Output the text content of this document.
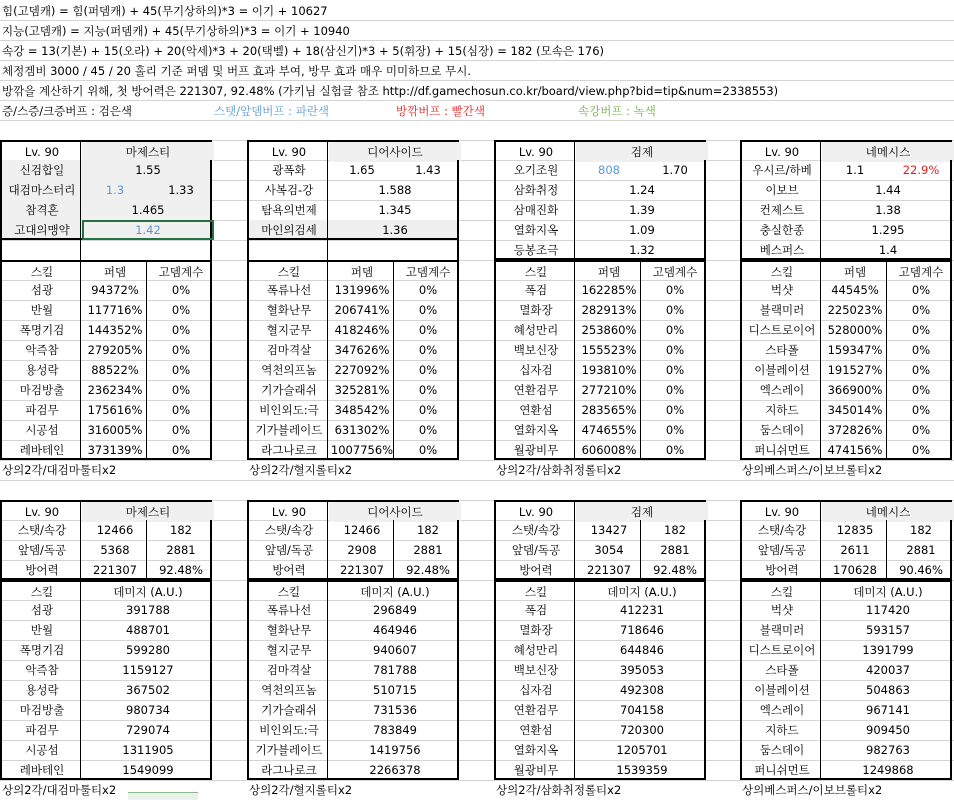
힘(고뎀캐) = 힘(퍼뎀캐) + 45(무기상하의)*3 = 이기 + 10627
지능(고뎀캐) = 지능(퍼뎀캐) + 45(무기상하의)*3 = 이기 + 10940
속강 = 13(기본) + 15(오라) + 20(악세)*3 + 20(택벨) + 18(삼신기)*3 + 5(휘장) + 15(심장) = 182 (모속은 176)
체정겜비 3000 / 45 / 20 홀리 기준 퍼뎀 및 버프 효과 부여, 방무 효과 매우 미미하므로 무시.
방깎을 계산하기 위해, 첫 방어력은 221307, 92.48% (가키님 실험글 참조 http://df.gamechosun.co.kr/board/view.php?bid=tip&num=2338553)
증/스증/크증버프 : 검은색	스탯/앞뎀버프 : 파란색	방깎버프 : 빨간색	속강버프 : 녹색
Lv. 90	마제스티
신검합일	1.55
대검마스터리	1.3	1.33
참격혼	1.465
고대의맹약	1.42
스킬	퍼뎀	고뎀계수
섬광	94372%	0%
반월	117716%	0%
폭명기검	144352%	0%
악즉참	279205%	0%
용성락	88522%	0%
마검방출	236234%	0%
파검무	175616%	0%
시공섬	316005%	0%
레바테인	373139%	0%
상의2각/대검마툴티x2
Lv. 90	마제스티
스탯/속강	12466	182
앞뎀/독공	5368	2881
방어력	221307	92.48%
스킬	데미지 (A.U.)
섬광	391788
반월	488701
폭명기검	599280
악즉참	1159127
용성락	367502
마검방출	980734
파검무	729074
시공섬	1311905
레바테인	1549099
상의2각/대검마툴티x2
Lv. 90	디어사이드
광폭화	1.65	1.43
사복검-강	1.588
탐욕의번제	1.345
마인의검세	1.36
스킬	퍼뎀	고뎀계수
폭류나선	131996%	0%
혈화난무	206741%	0%
혈지군무	418246%	0%
검마격살	347626%	0%
역천의프놈	227092%	0%
기가슬래쉬	325281%	0%
비인외도:극	348542%	0%
기가블레이드	631302%	0%
라그나로크	1007756%	0%
상의2각/혈지롤티x2
Lv. 90	디어사이드
스탯/속강	12466	182
앞뎀/독공	2908	2881
방어력	221307	92.48%
스킬	데미지 (A.U.)
폭류나선	296849
혈화난무	464946
혈지군무	940607
검마격살	781788
역천의프놈	510715
기가슬래쉬	731536
비인외도:극	783849
기가블레이드	1419756
라그나로크	2266378
상의2각/혈지롤티x2
Lv. 90	검제
오기조원	808	1.70
삼화취정	1.24
삼매진화	1.39
열화지옥	1.09
등봉조극	1.32
스킬	퍼뎀	고뎀계수
폭검	162285%	0%
멸화장	282913%	0%
혜성만리	253860%	0%
백보신장	155523%	0%
십자검	193810%	0%
연환검무	277210%	0%
연환섬	283565%	0%
열화지옥	474655%	0%
월광비무	606008%	0%
상의2각/삼화취정롤티x2
Lv. 90	검제
스탯/속강	13427	182
앞뎀/독공	3054	2881
방어력	221307	92.48%
스킬	데미지 (A.U.)
폭검	412231
멸화장	718646
혜성만리	644846
백보신장	395053
십자검	492308
연환검무	704158
연환섬	720300
열화지옥	1205701
월광비무	1539359
상의2각/삼화취정롤티x2
Lv. 90	네메시스
우시르/하베	1.1	22.9%
이보브	1.44
컨제스트	1.38
충실한종	1.295
베스퍼스	1.4
스킬	퍼뎀	고뎀계수
벅샷	44545%	0%
블랙미러	225023%	0%
디스트로이어	528000%	0%
스타폴	159347%	0%
이블레이션	191527%	0%
엑스레이	366900%	0%
지하드	345014%	0%
둠스데이	372826%	0%
퍼니쉬먼트	474156%	0%
상의베스퍼스/이보브롤티x2
Lv. 90	네메시스
스탯/속강	12835	182
앞뎀/독공	2611	2881
방어력	170628	90.46%
스킬	데미지 (A.U.)
벅샷	117420
블랙미러	593157
디스트로이어	1391799
스타폴	420037
이블레이션	504863
엑스레이	967141
지하드	909450
둠스데이	982763
퍼니쉬먼트	1249868
상의베스퍼스/이보브롤티x2
